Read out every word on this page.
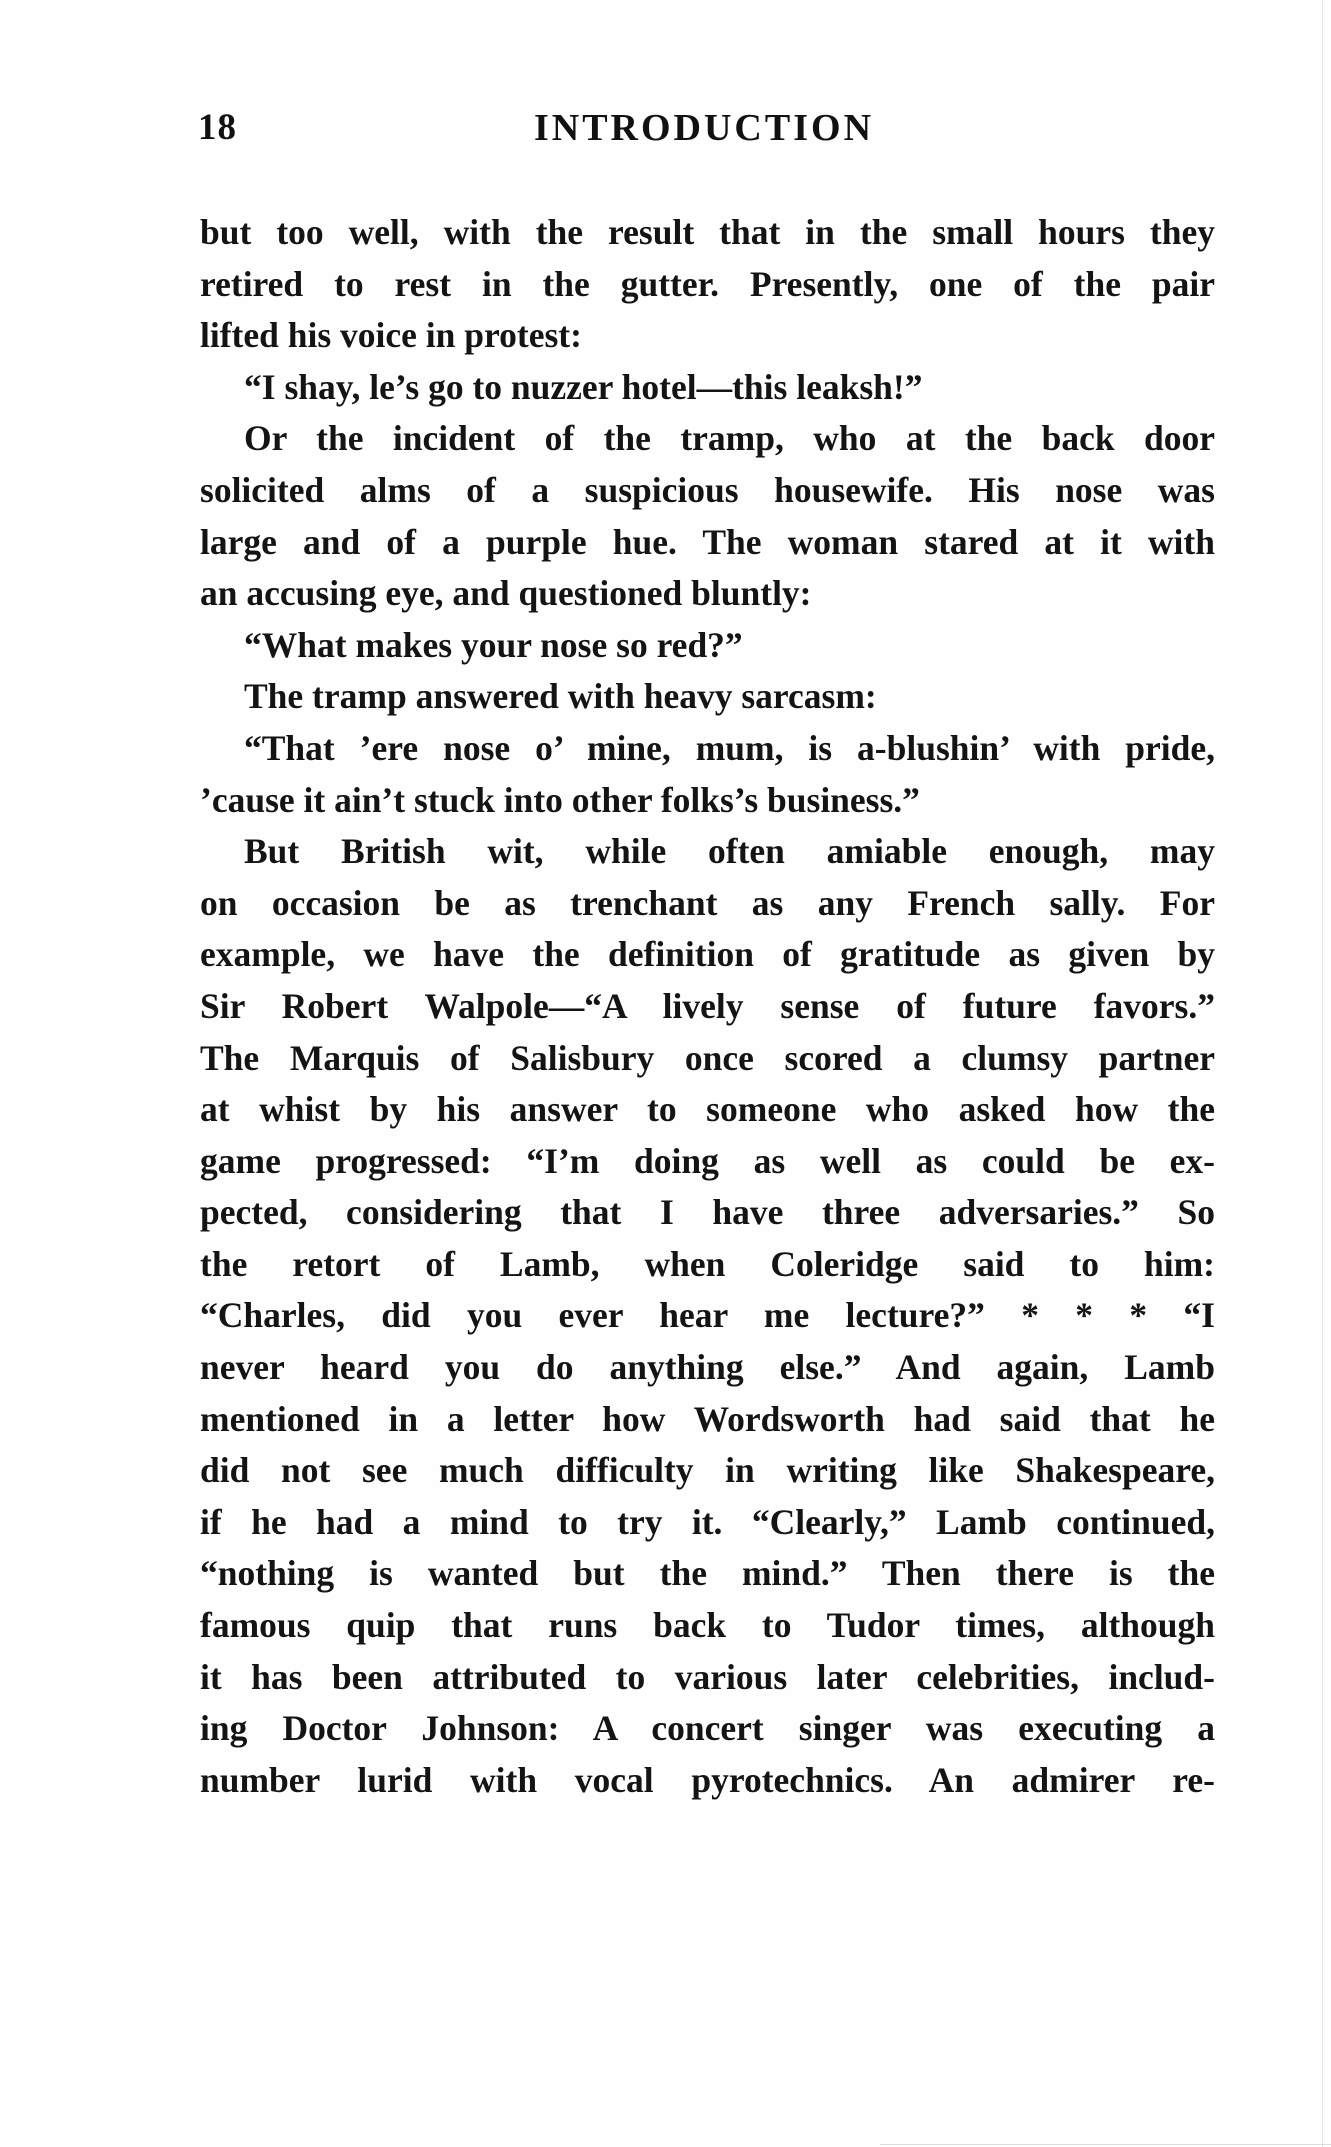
18	INTRODUCTION
but too well, with the result that in the small hours they
retired to rest in the gutter. Presently, one of the pair
lifted his voice in protest:
“I shay, le’s go to nuzzer hotel—this leaksh!”
Or the incident of the tramp, who at the back door
solicited alms of a suspicious housewife. His nose was
large and of a purple hue. The woman stared at it with
an accusing eye, and questioned bluntly:
“What makes your nose so red?”
The tramp answered with heavy sarcasm:
“That ’ere nose o’ mine, mum, is a-blushin’ with pride,
’cause it ain’t stuck into other folks’s business.”
But British wit, while often amiable enough, may
on occasion be as trenchant as any French sally. For
example, we have the definition of gratitude as given by
Sir Robert Walpole—“A lively sense of future favors.”
The Marquis of Salisbury once scored a clumsy partner
at whist by his answer to someone who asked how the
game progressed: “I’m doing as well as could be ex-
pected, considering that I have three adversaries.” So
the retort of Lamb, when Coleridge said to him:
“Charles, did you ever hear me lecture?” * * * “I
never heard you do anything else.” And again, Lamb
mentioned in a letter how Wordsworth had said that he
did not see much difficulty in writing like Shakespeare,
if he had a mind to try it. “Clearly,” Lamb continued,
“nothing is wanted but the mind.” Then there is the
famous quip that runs back to Tudor times, although
it has been attributed to various later celebrities, includ-
ing Doctor Johnson: A concert singer was executing a
number lurid with vocal pyrotechnics. An admirer re-
